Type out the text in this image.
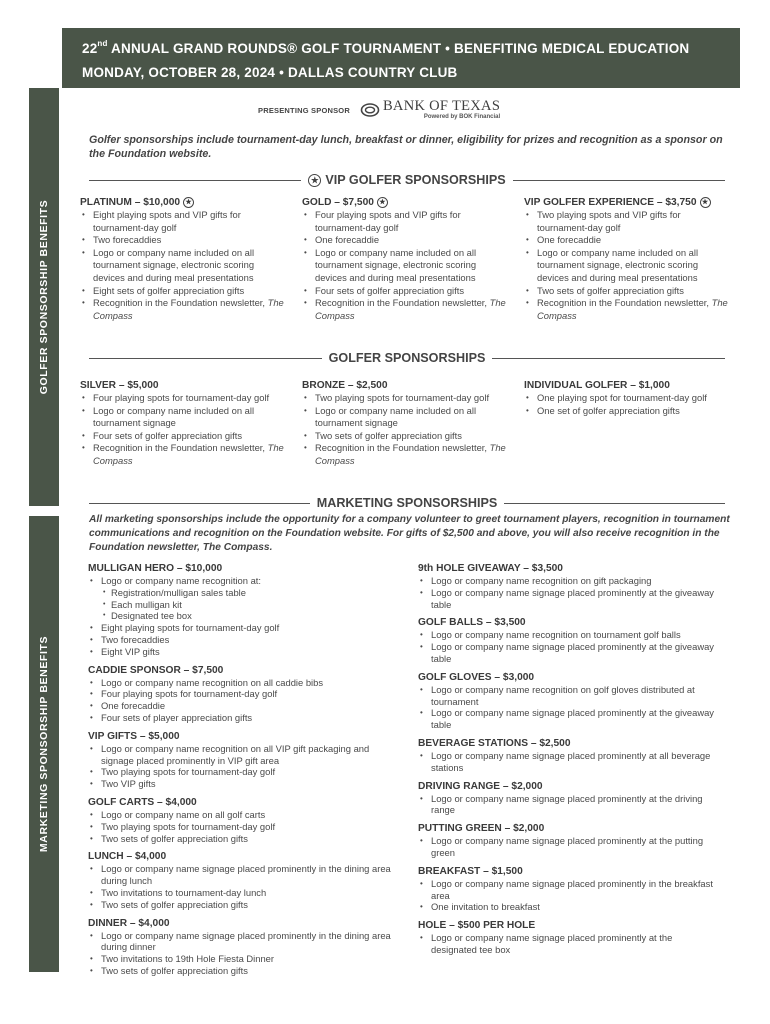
22nd ANNUAL GRAND ROUNDS® GOLF TOURNAMENT • BENEFITING MEDICAL EDUCATION
MONDAY, OCTOBER 28, 2024 • DALLAS COUNTRY CLUB
GOLFER SPONSORSHIP BENEFITS
MARKETING SPONSORSHIP BENEFITS
PRESENTING SPONSOR BANK OF TEXAS
Powered by BOK Financial
Golfer sponsorships include tournament-day lunch, breakfast or dinner, eligibility for prizes and recognition as a sponsor on the Foundation website.
★ VIP GOLFER SPONSORSHIPS
PLATINUM – $10,000 ★
• Eight playing spots and VIP gifts for tournament-day golf
• Two forecaddies
• Logo or company name included on all tournament signage, electronic scoring devices and during meal presentations
• Eight sets of golfer appreciation gifts
• Recognition in the Foundation newsletter, The Compass
GOLD – $7,500 ★
• Four playing spots and VIP gifts for tournament-day golf
• One forecaddie
• Logo or company name included on all tournament signage, electronic scoring devices and during meal presentations
• Four sets of golfer appreciation gifts
• Recognition in the Foundation newsletter, The Compass
VIP GOLFER EXPERIENCE – $3,750 ★
• Two playing spots and VIP gifts for tournament-day golf
• One forecaddie
• Logo or company name included on all tournament signage, electronic scoring devices and during meal presentations
• Two sets of golfer appreciation gifts
• Recognition in the Foundation newsletter, The Compass
GOLFER SPONSORSHIPS
SILVER – $5,000
• Four playing spots for tournament-day golf
• Logo or company name included on all tournament signage
• Four sets of golfer appreciation gifts
• Recognition in the Foundation newsletter, The Compass
BRONZE – $2,500
• Two playing spots for tournament-day golf
• Logo or company name included on all tournament signage
• Two sets of golfer appreciation gifts
• Recognition in the Foundation newsletter, The Compass
INDIVIDUAL GOLFER – $1,000
• One playing spot for tournament-day golf
• One set of golfer appreciation gifts
MARKETING SPONSORSHIPS
All marketing sponsorships include the opportunity for a company volunteer to greet tournament players, recognition in tournament communications and recognition on the Foundation website. For gifts of $2,500 and above, you will also receive recognition in the Foundation newsletter, The Compass.
MULLIGAN HERO – $10,000
• Logo or company name recognition at:
• Registration/mulligan sales table
• Each mulligan kit
• Designated tee box
• Eight playing spots for tournament-day golf
• Two forecaddies
• Eight VIP gifts
CADDIE SPONSOR – $7,500
• Logo or company name recognition on all caddie bibs
• Four playing spots for tournament-day golf
• One forecaddie
• Four sets of player appreciation gifts
VIP GIFTS – $5,000
• Logo or company name recognition on all VIP gift packaging and signage placed prominently in VIP gift area
• Two playing spots for tournament-day golf
• Two VIP gifts
GOLF CARTS – $4,000
• Logo or company name on all golf carts
• Two playing spots for tournament-day golf
• Two sets of golfer appreciation gifts
LUNCH – $4,000
• Logo or company name signage placed prominently in the dining area during lunch
• Two invitations to tournament-day lunch
• Two sets of golfer appreciation gifts
DINNER – $4,000
• Logo or company name signage placed prominently in the dining area during dinner
• Two invitations to 19th Hole Fiesta Dinner
• Two sets of golfer appreciation gifts
9th HOLE GIVEAWAY – $3,500
• Logo or company name recognition on gift packaging
• Logo or company name signage placed prominently at the giveaway table
GOLF BALLS – $3,500
• Logo or company name recognition on tournament golf balls
• Logo or company name signage placed prominently at the giveaway table
GOLF GLOVES – $3,000
• Logo or company name recognition on golf gloves distributed at tournament
• Logo or company name signage placed prominently at the giveaway table
BEVERAGE STATIONS – $2,500
• Logo or company name signage placed prominently at all beverage stations
DRIVING RANGE – $2,000
• Logo or company name signage placed prominently at the driving range
PUTTING GREEN – $2,000
• Logo or company name signage placed prominently at the putting green
BREAKFAST – $1,500
• Logo or company name signage placed prominently in the breakfast area
• One invitation to breakfast
HOLE – $500 PER HOLE
• Logo or company name signage placed prominently at the designated tee box
